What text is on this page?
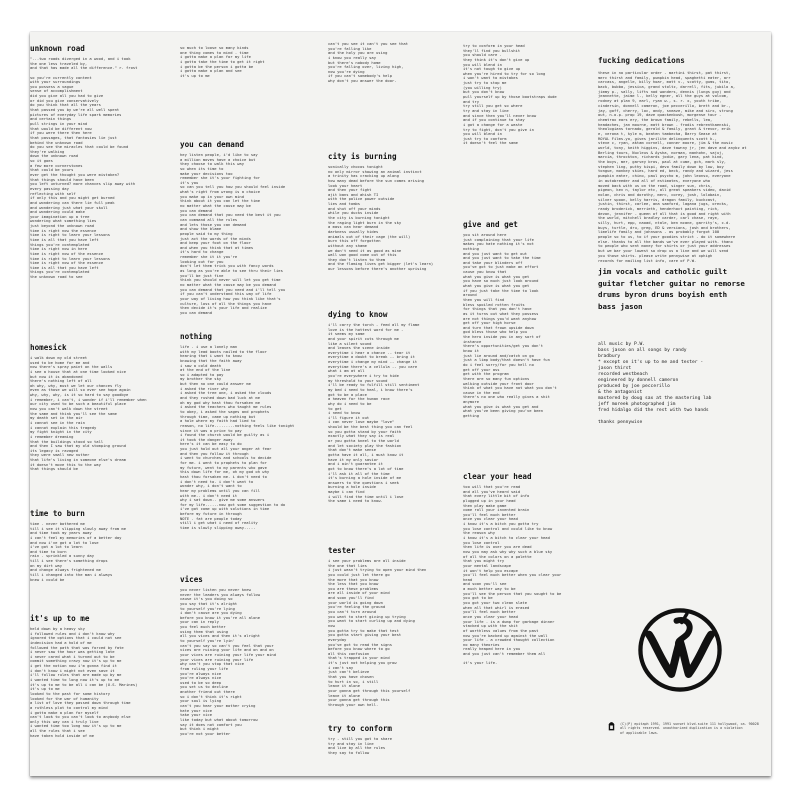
unknown road
"...two roads diverged in a wood, and i took
the one less traveled by,
and that has made all the difference." r. frost

so you're currently content
with your surroundings
you possess a vague
sense of accomplishment
did you give all you had to give
or did you give conservatively
do you think that all the years
that passed you by we're all well spent
pictures of everyday life spark memories
and certain things
pull strings in your mind
that would be different now
if you were there then here
that passages, that fantasies lie just
behind the unknown road
do you see the miracles that could be found
they're walking
down the unknown road
so it goes
a few more cornerstones
that could be yours
ever get the thought you were mistaken?
that things should have been
you left unturned? more chances slip away with
every passing day
reflecting with self
if only this and you might get burned
and wondering can there lie full peak
and wondering just what your skull
and wondering could make
your imagination up a tree
wondering what something lies
just beyond the unknown road
time is right now the essence
time is right to learn your lessons
time is all that you have left
things you're contemplated
time is right now in here
time is right now of the essence
time is right to learn your lessons
time is right now of the essence
time is all that you have left
things you're contemplated
the unknown road to see
homesick
i walk down my old street
used to be home for me and
now there's spray paint on the walls
i see a house that at one time looked nice
but now it is abandoned
there's nothing left of all
oh why, why, must we let our chances fly
even as those we will so ever see hope again
why, why, why, is it so hard to say goodbye
i remember, i can't, i wonder if i'll remember when
our city used to be such a beautiful place
now you can't walk down the street
the same and think you'll see the same
my death set in the air
i cannot see in the rain
i cannot explain this tragedy
my fight knight in the city
i remember dreaming
that the buildings stood so tall
and then I saw that my old stomping ground
its legacy is ravaged
they were small new nuther
that life's living in someone else's dream
it doesn't move this to the way
that things should be
time to burn
time - never bothered me
till i see it slipping slowly away from me
and time took my years away
i can't feel my memories of a better day
and now i've got a lot to lose
i've got a lot to learn
and time to burn
rain - sprinkled a sunny day
till i see there's something drops
on my dirt way
and change always frightened me
till i changed into the man i always
knew i could be
it's up to me
held down by a heavy sky
i followed rules and i don't know why
ignored the options that i could not see
indecision had a hold of me
followed the path that was forced by fate
i never saw the hour was getting late
i never cared what i turned out to be
commit something crazy now it's up to me
i get the notion now i'm gonna find it
i don't know i might not even save it
i'll follow rules that are made up by me
i wanted time to long now it's up to me
it's up to me to be all i can be (U.S. Marines)
it's up to me
looked to the past for some history
looked for the war of humanity
a list of love they passed down through time
a ruthless plot to control my mind
i gotta make a plan for myself
can't look to you can't look to anybody else
only this way can i truly live
i wanted time too long now it's up to me
all the rules that i see
have taken hold inside of me
so much to loose so many kinds
one thing comes to mind - time
i gotta make a plan for my life
i gotta take the time to get it right
i gotta be the person i gotta be
i gotta make a plan and see
it's up to me
you can demand
hey listen people, i'd like to say
a million moves have a choice but
they choose to walk this way
so when its time to
make your decisions too
remember she it's your fighting for
it's you
so can you tell you how you should feel inside
what's right from wrong is a choice
you make up in your own mind
think about it you can let the time
no matter what the cause may be
you can demand
you can demand that you need the best it you
can command all the rules
and lets those you can demand
and show the blame
people said to my thing
just act the words of the minds
and keep your foot on the floor
and when you think that at times
it's hard to change
remember she it it you're
looking out for you
don't let them trick you with fancy words
as long as you're able to see thru their lies
you'll be just fine
think you should never will let you get time
no matter what the cause may be you demand
you can demand that you need and i'll tell you
if you can't understand this way of life
your way of living how you think like that's
culture, loss of all the things you have
then decide it's your life and realize
you can demand
nothing
life - i use a lonely man
with my lead boots nailed to the floor
hearing that i want to know
knowing that the faith away
i saw a cold death
at the end of the line
so i adapted to pay
my brother the sky
but then no one could answer me
i asked the river why
i asked the tree one, i asked the clouds
and they rushed down bad luck at me
oh my god why hast thou forsaken me
i asked the teachers who taught me rules
to obey, i asked the sages and prophets
through time, came up nothing but
a hole where my faith had lied to
reason, no life.........nothing feels like tonight
since it was a price to pay
i found the church would be guilty as i
it took the danger away
here's it can be easy to do
you just hold out all your anger at fear
and then you follow it through
i went to churches and schools to decide
for me. i went to prophets to plan for
my future, went to my parents who gave
this down life for me, oh my god oh why
hast thou forsaken me. i don't need to
i don't need to. i don't want to
wonder why, i don't want to
hear my problems until you can fill
with me.. i don't need it
why i sat down.. give me some answers
for my life......now got some suggestion to do
i've got come up with solutions in time
before my future in through
NOTE - fat are people today
still i get what i need of reality
time is slowly slipping away.....
vices
you never listen you never knew
never the leaders you always follow
cause it's you doing so
you say that it's alright
to yourself you're lying
i don't cause are you dying
before you know it you're all alone
your can in reply
you feel much better
using them that using
all you vices and then it's alright
to yourself you're lyin'
can't you say so can't you feel that your
vices are ruining your life and on and on
your vices are ruining your life your mind
your vices are ruining your life
why can't you stop that vice
from ruling your life
you're always nice
you're always nice
used to be so deep
you set us to decline
another friend out there
so i don't think it's right
your soul is lying
can't you hear your mother crying
hate your vice
take your vice
like today but what about tomorrow
say it does not comfort you
but think i might
you're not your better
can't you see it can't you see that
you're falling like
and the holy you are using
i know you really say
but there's nobody home
you're falling over, living high,
now you're dying
if you can't somebody's help
why don't you answer the door.
city is burning
sonically chocos tonight
no only mirror showing an animal instinct
a trinity has cracking up along
how many dead before the sun comes arising
look your heart
and then your fight
ajit bans and ahish TI
with the police power outside
lies and tombs
and shut off your minds
while you ducks inside
the city is burning tonight
the raging light burn in the sky
a mass can hear demand
darkness usually hides
animals out of their cage (the will)
burn this off forgotten
without any shame
we don't need it as good as mine
wall won good come out of this
they don't listen to them
and the flaming lives get bigger (let's learn)
our lessons before there's another uprising
dying to know
i'll carry the torch - feed all my flame
love is the hottest word for me -
it seems my same
and your spirit cuts through me
like a silent sound
and leaves the scene inside
everytime i hear a chance -- tear it
everytime a doubt to break -- bring it
everytime i change my mind -- change it
everytime there's a cellula -- you care
what i am at all
you're everywhere i try to hide
my threshold to your sound
i'll be ready to fulfill still sentiment
my bed i need to heal, i know there's
got to be a place
a heaven for the human race
why do i need to be
to get
i need to know
i'll figure it out
i can never lose maybe "love"
should be the best thing you can feel
so you gotta stand by your faith
exactly what they say is real
or you gotta kneel to the world
and let society play the fashion
that don't make sense
gotta have it all, i must know it
have it my only savior
and i ain't guarantee it
got to know there's a lot of time
i'll ask it all of the time
it's burning a hole inside of me
answers to the questions i seek
burning a hole inside
maybe i can find
i will find the time until i lose
the same i need to know.
tester
i see your problems are all inside
the one that lies
i just wasn't trying to open your mind then
you could just let there go
the more that you know
the less that you know
you are these problems
are all inside of your mind
and soon you'll find
your world is going down
you're feeling the ground
you can't turn around
you want to start giving up trying
you want to start curling up and dying
now
you gotta try to make that test
you gotta start giving your best
everyday
you've got to read the signs
before you know where to go
all this confusion
that's trapped in your mind
it's just not helping you grow
i can't say
just can't believe
that you have chosen
to hurt in so, i still
leave it alone
your gonna get through this yourself
leave it alone
your gonna get through this
through your own hell.
try to conform
try - still you got to share
try and stay in line
and live by all the rules
they say to follow
try to conform in your head
they'll find you bullshit
you should care .
they think it's don't give up
you will blend in
it's not tough to give up
when you're hired to try for so long
i won't want to mistakes
just try to stop me
(you willing try)
but you don't know
pull yourself up by those bootstraps dude
and try
try still you get so where
try and stay in line
and since then you'll never know
and if you continue to stay
i got a change for a waste
try to fight, don't you give in
you will blend in
just try to conform
it doesn't feel the same
give and get
you sit around here
just complaining that your life
makes you hate nothing it's not
nothing
and you just want to get out
and you just want to take the time
and take your blinders off
you've got to just make an effort
cause you know that
what you give is what you get
you have so much just look around
what you give is what you get
if you just take the time to look
around
then you will find
bless spoiled rotten fruits
for things that you don't have
as it turns out what they possess
are not things you'd want anyhow
get off your high horse
and turn that frown upside down
god bless those who help you
the hero inside you in any sort of
instance
there's opportunities/get you don't
know it
just lie around and/catch on go
just a limp body/that doesn't have fun
do i feel sorry/for you hell no
get off your ass
get with the program
there are so many fun options
walking outside your front door
think of what you have not what you don't
cause in the end
there's no one who really gives a shit
anymore
what you give is what you get and
what you've been giving you've been
getting
clear your head
too will that you're read
and all you've heard said
that every little bit of info
plugged up in your head
then play make game
come roll your invented brain
you'll feel much better
once you clear your head
i know it's a bitch you gotta try
you lose control and could like to know
the reason why
i know it's a bitch to clear your head
you lose control
then life is over you are dead
now you may ask why why such a blue sky
of all the colors on a palette
that you might try
your mental landscape
it won't help you escape
you'll feel much better when you clear your
head
and soon you'll see
a much better way to be
you'll see the person that you sought to be
you got to be
you got your two clean slate
when all that whirl is erased
you'll feel much better
once you clear your head
your life - is a dump for garbage dinner
stacked up with the shit
of worthless values from the past
now you're backed up against the wall
your life - a crowded thought collection
no many theories
really heaped here in you
and you just can't remember them all

it's your life.
fucking dedications
these in no particular order - martini thirst, pat thirst,
merc thirst and family, pumpkin head, spaghetti eater, arr
carcass, angelle, billy hoar, matt v., scotty, gums, tito,
back, bubba, jessica, grand stoltz, darrell, fits, jubilo a,
jimmy p., sally, lifts nod wonders, dennis (lungs guy) and
jeannette, jaime l., kelly egner, all the guys at volcom,
rodney at plan 9, earl, ryan w., s. r. x, youth tribe,
cindersin, donnell cameron, joe peccerillo, brett and br.,
jay, goff, cherry, loc, andy, sneaze, mike and sirx, strung
out, n.o.p. prop 19, dave quackenbush, morgense tour -
chemtrax ears ery, the brown family, rebells, lea,
headaches, jan mourne, matt brown - frodis rebrentkaenski,
theologians tornado, gerald & family, grant & trevor, erik
e, verona t, kyle m, beaten tambecka, Barry Sease at
ROYAL Films.yo, gives jarilite delinquents scott k.,
steve c, ryan, aktam cornell, conner moore, jim & the music
world, tony, keith higgins, dave tawnny jr, jen dave and anybz at
Berling tours, Nucleus & Aysha, norman, manhohn, sajuj,
marcia, throckton, richards jodie, gary lena, pat kind,
the boys, mer, garvey bros, paul at cume, gch, mark sly,
stephen ling, puthy kispi, devo family down by low, boy
tongue, monkey skies, hard ed, beck, randy and wizard, jess
pumpkin eater, chino, paul psycho m, john leonso, everyone
in autobreeder and all of estimates, everyone who
moved back with us on the road, singer sun, chris,
pigeon, kev n, taylor etc, all great speakers video, david
nolan, chris and dorothy, merc, corey, josh, lolobain,
silver spoon, kelly harris, dragon family, buckcast,
justin, thirst, carlee, ana samford, lagana jugs, orecks,
randy broderick, merrieth, henderhoct painting, rich,
devon, jennifer - queen of all that is good and right with
the world, mitchell bradley carder, carl chase, raye,
silly, hurt, epp, naoad, ntale, ben mcane, garrity's, c.d.
buys, turtle, dru, greg, ED & versions, josh and brothers,
limelife family and johnsons - as probably forgot 100
people so to us, to if your goodies strict - do it somewhere
else. thanks to all the bands we've ever played with. thanx
to people who sent money for shirts or just your addresses
but we bar your lowest so drop us a line and we will send
you those shirts. please write pennywise at xphigh
records for mailing list info, care of P.W.
jim vocals and catholic guilt
guitar fletcher guitar no remorse
drums byron drums boyish enth
bass jason
all music by P.W.
bass jason on all songs by randy
bradbury
* except on it's up to me and tester -
jason thirst
recorded westbeach
engineered by donnell cameron
produced by joe peccerillo
& the antagonist
mastered by doug sax at the mastering lab
jeff moreek photographed jim
fred hidalgo did the rest with two hands

thanks pennywise
(C)(P) epitaph 1991, 1991 sunset blvd.suite 111 hollywood, ca. 90028
all rights reserved. unauthorized duplication is a violation
of applicable laws.
